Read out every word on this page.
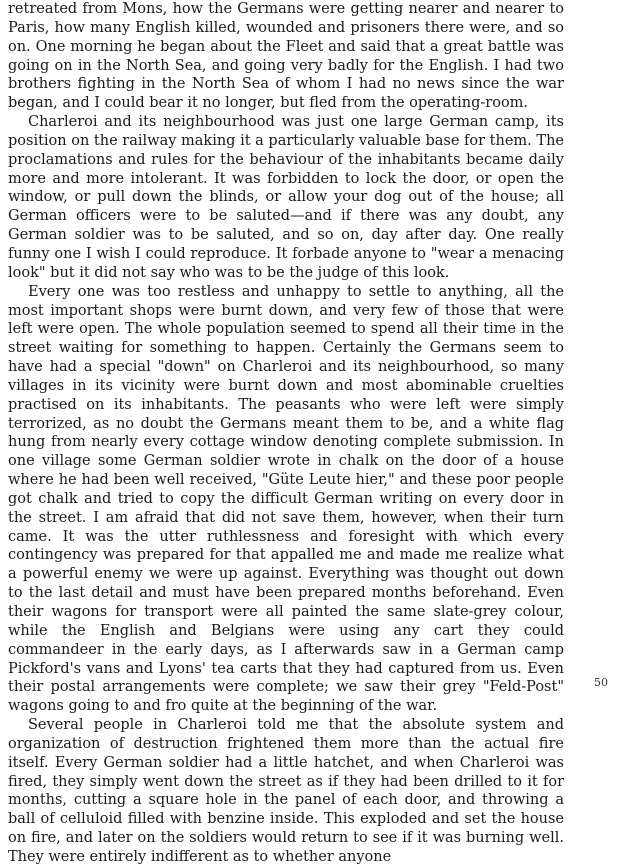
retreated from Mons, how the Germans were getting nearer and nearer to Paris, how many English killed, wounded and prisoners there were, and so on. One morning he began about the Fleet and said that a great battle was going on in the North Sea, and going very badly for the English. I had two brothers fighting in the North Sea of whom I had no news since the war began, and I could bear it no longer, but fled from the operating-room.

Charleroi and its neighbourhood was just one large German camp, its position on the railway making it a particularly valuable base for them. The proclamations and rules for the behaviour of the inhabitants became daily more and more intolerant. It was forbidden to lock the door, or open the window, or pull down the blinds, or allow your dog out of the house; all German officers were to be saluted—and if there was any doubt, any German soldier was to be saluted, and so on, day after day. One really funny one I wish I could reproduce. It forbade anyone to "wear a menacing look" but it did not say who was to be the judge of this look.

Every one was too restless and unhappy to settle to anything, all the most important shops were burnt down, and very few of those that were left were open. The whole population seemed to spend all their time in the street waiting for something to happen. Certainly the Germans seem to have had a special "down" on Charleroi and its neighbourhood, so many villages in its vicinity were burnt down and most abominable cruelties practised on its inhabitants. The peasants who were left were simply terrorized, as no doubt the Germans meant them to be, and a white flag hung from nearly every cottage window denoting complete submission. In one village some German soldier wrote in chalk on the door of a house where he had been well received, "Güte Leute hier," and these poor people got chalk and tried to copy the difficult German writing on every door in the street. I am afraid that did not save them, however, when their turn came. It was the utter ruthlessness and foresight with which every contingency was prepared for that appalled me and made me realize what a powerful enemy we were up against. Everything was thought out down to the last detail and must have been prepared months beforehand. Even their wagons for transport were all painted the same slate-grey colour, while the English and Belgians were using any cart they could commandeer in the early days, as I afterwards saw in a German camp Pickford's vans and Lyons' tea carts that they had captured from us. Even their postal arrangements were complete; we saw their grey "Feld-Post" wagons going to and fro quite at the beginning of the war.

Several people in Charleroi told me that the absolute system and organization of destruction frightened them more than the actual fire itself. Every German soldier had a little hatchet, and when Charleroi was fired, they simply went down the street as if they had been drilled to it for months, cutting a square hole in the panel of each door, and throwing a ball of celluloid filled with benzine inside. This exploded and set the house on fire, and later on the soldiers would return to see if it was burning well. They were entirely indifferent as to whether anyone

50
